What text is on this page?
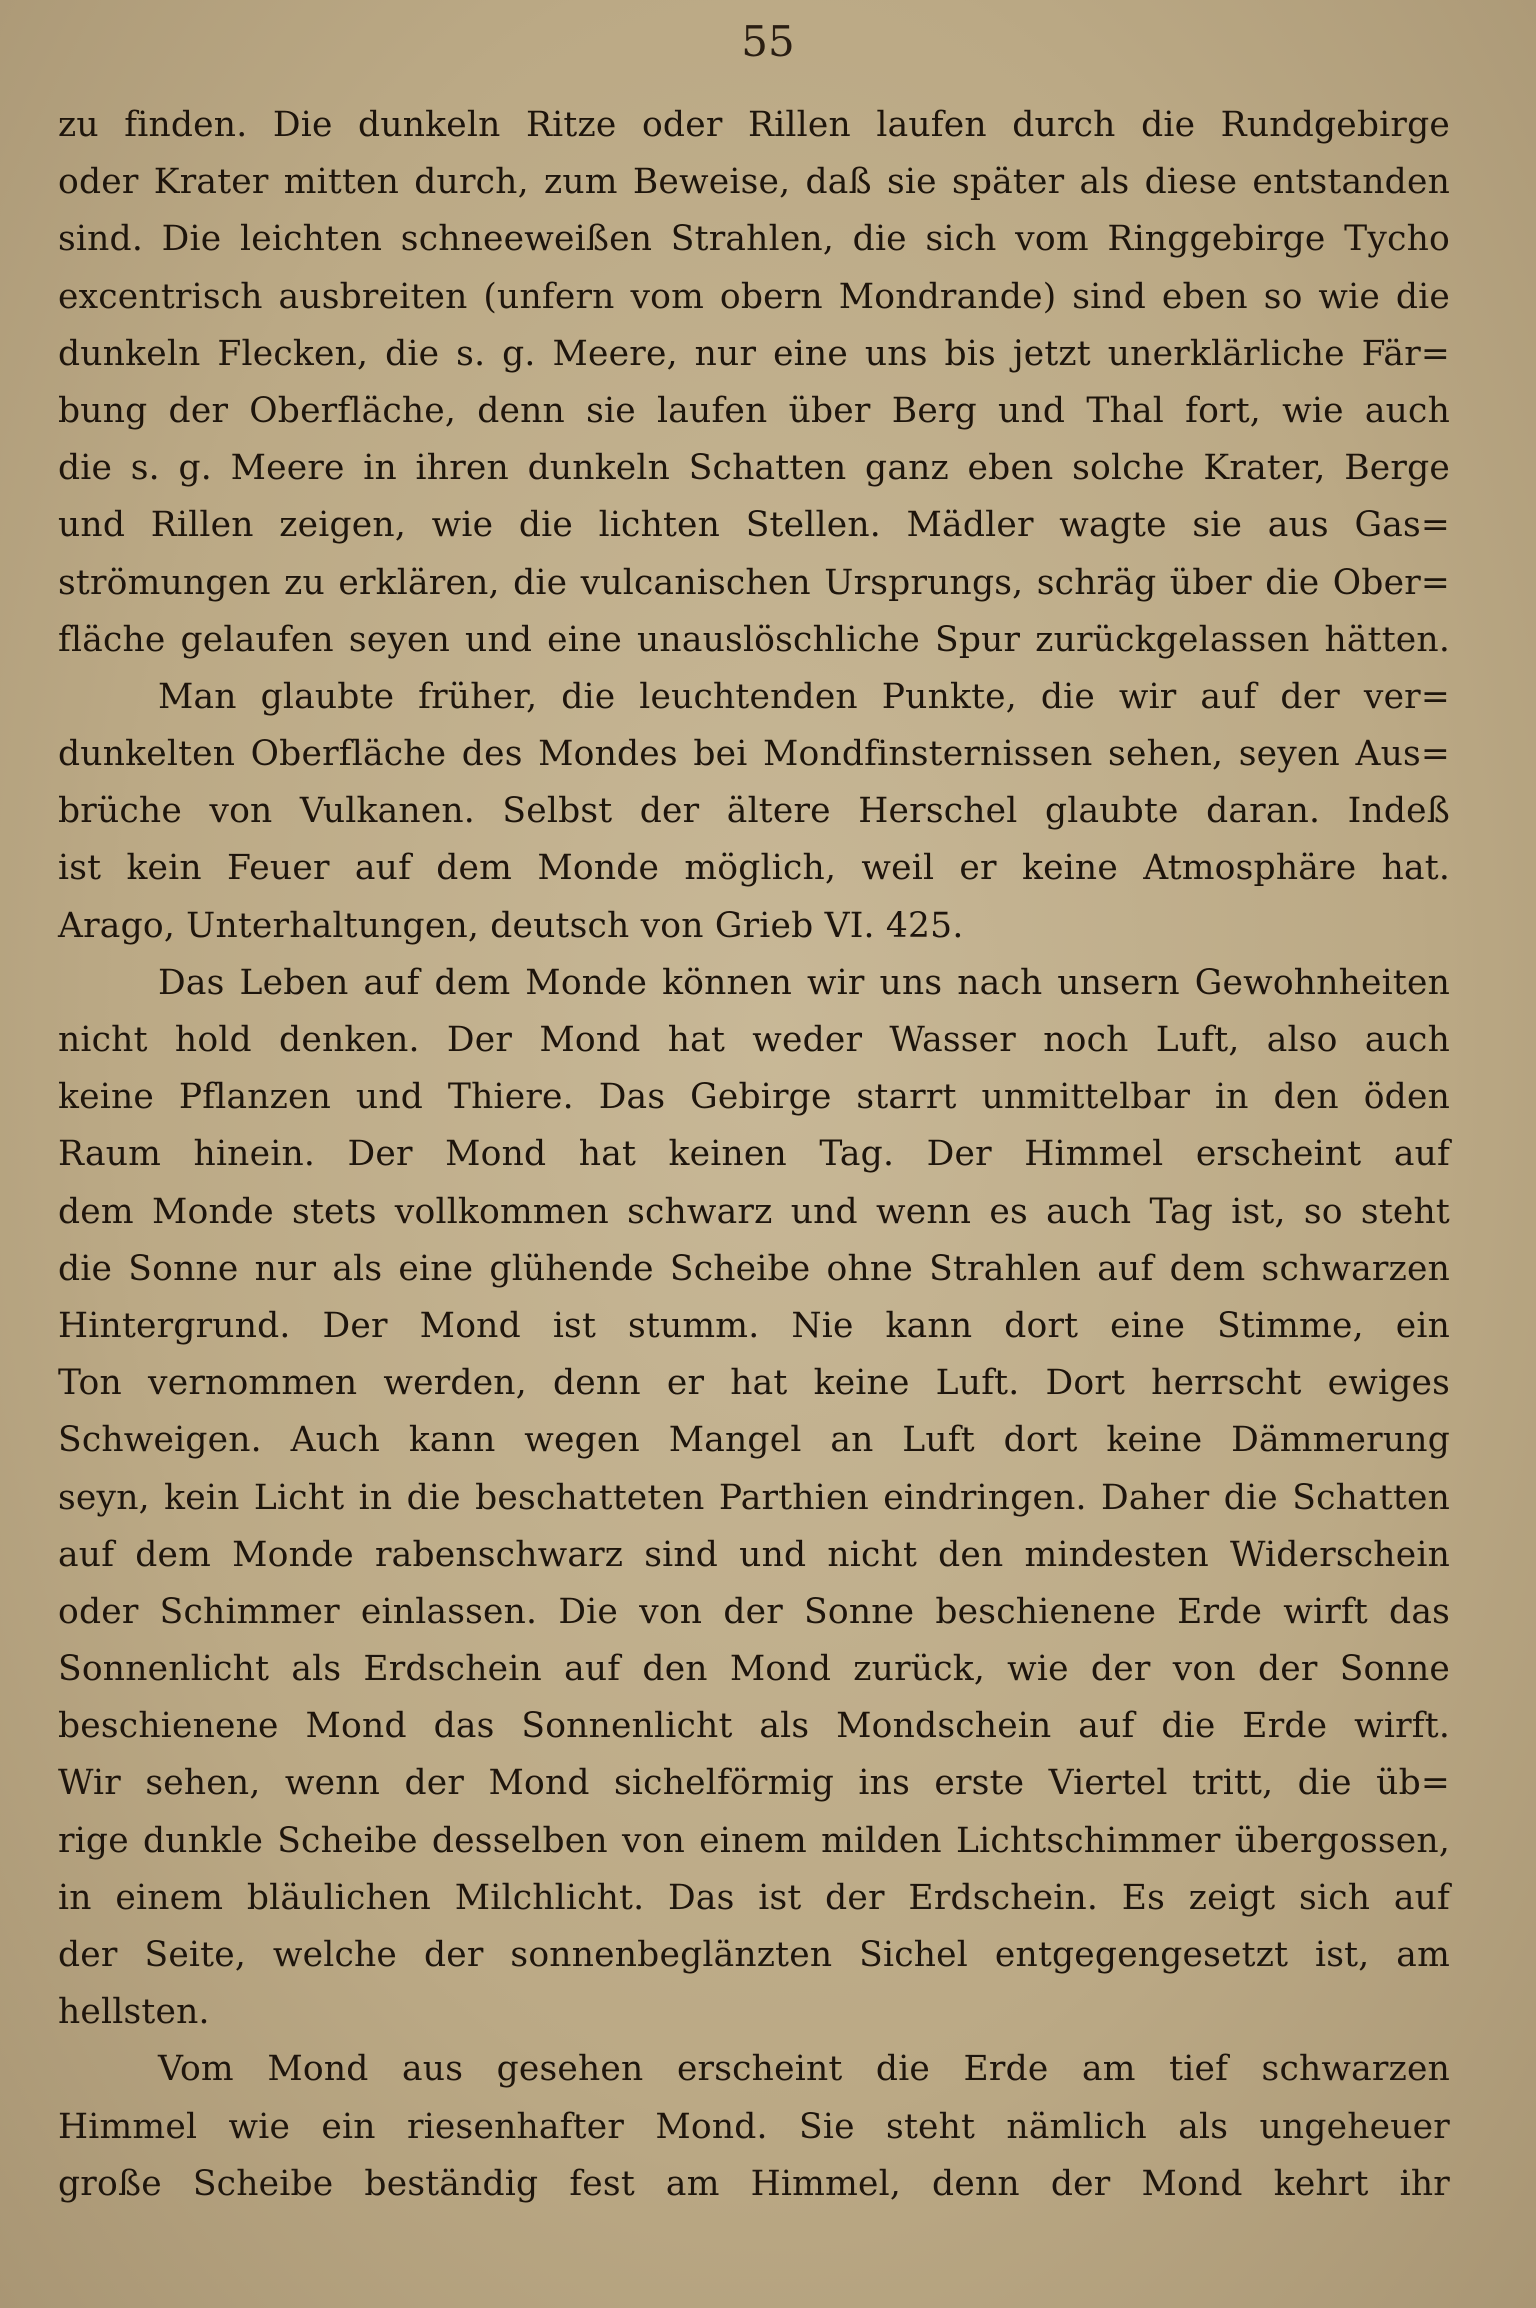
55
zu finden. Die dunkeln Ritze oder Rillen laufen durch die Rundgebirge
oder Krater mitten durch, zum Beweise, daß sie später als diese entstanden
sind. Die leichten schneeweißen Strahlen, die sich vom Ringgebirge Tycho
excentrisch ausbreiten (unfern vom obern Mondrande) sind eben so wie die
dunkeln Flecken, die s. g. Meere, nur eine uns bis jetzt unerklärliche Fär=
bung der Oberfläche, denn sie laufen über Berg und Thal fort, wie auch
die s. g. Meere in ihren dunkeln Schatten ganz eben solche Krater, Berge
und Rillen zeigen, wie die lichten Stellen. Mädler wagte sie aus Gas=
strömungen zu erklären, die vulcanischen Ursprungs, schräg über die Ober=
fläche gelaufen seyen und eine unauslöschliche Spur zurückgelassen hätten.
Man glaubte früher, die leuchtenden Punkte, die wir auf der ver=
dunkelten Oberfläche des Mondes bei Mondfinsternissen sehen, seyen Aus=
brüche von Vulkanen. Selbst der ältere Herschel glaubte daran. Indeß
ist kein Feuer auf dem Monde möglich, weil er keine Atmosphäre hat.
Arago, Unterhaltungen, deutsch von Grieb VI. 425.
Das Leben auf dem Monde können wir uns nach unsern Gewohnheiten
nicht hold denken. Der Mond hat weder Wasser noch Luft, also auch
keine Pflanzen und Thiere. Das Gebirge starrt unmittelbar in den öden
Raum hinein. Der Mond hat keinen Tag. Der Himmel erscheint auf
dem Monde stets vollkommen schwarz und wenn es auch Tag ist, so steht
die Sonne nur als eine glühende Scheibe ohne Strahlen auf dem schwarzen
Hintergrund. Der Mond ist stumm. Nie kann dort eine Stimme, ein
Ton vernommen werden, denn er hat keine Luft. Dort herrscht ewiges
Schweigen. Auch kann wegen Mangel an Luft dort keine Dämmerung
seyn, kein Licht in die beschatteten Parthien eindringen. Daher die Schatten
auf dem Monde rabenschwarz sind und nicht den mindesten Widerschein
oder Schimmer einlassen. Die von der Sonne beschienene Erde wirft das
Sonnenlicht als Erdschein auf den Mond zurück, wie der von der Sonne
beschienene Mond das Sonnenlicht als Mondschein auf die Erde wirft.
Wir sehen, wenn der Mond sichelförmig ins erste Viertel tritt, die üb=
rige dunkle Scheibe desselben von einem milden Lichtschimmer übergossen,
in einem bläulichen Milchlicht. Das ist der Erdschein. Es zeigt sich auf
der Seite, welche der sonnenbeglänzten Sichel entgegengesetzt ist, am
hellsten.
Vom Mond aus gesehen erscheint die Erde am tief schwarzen
Himmel wie ein riesenhafter Mond. Sie steht nämlich als ungeheuer
große Scheibe beständig fest am Himmel, denn der Mond kehrt ihr
